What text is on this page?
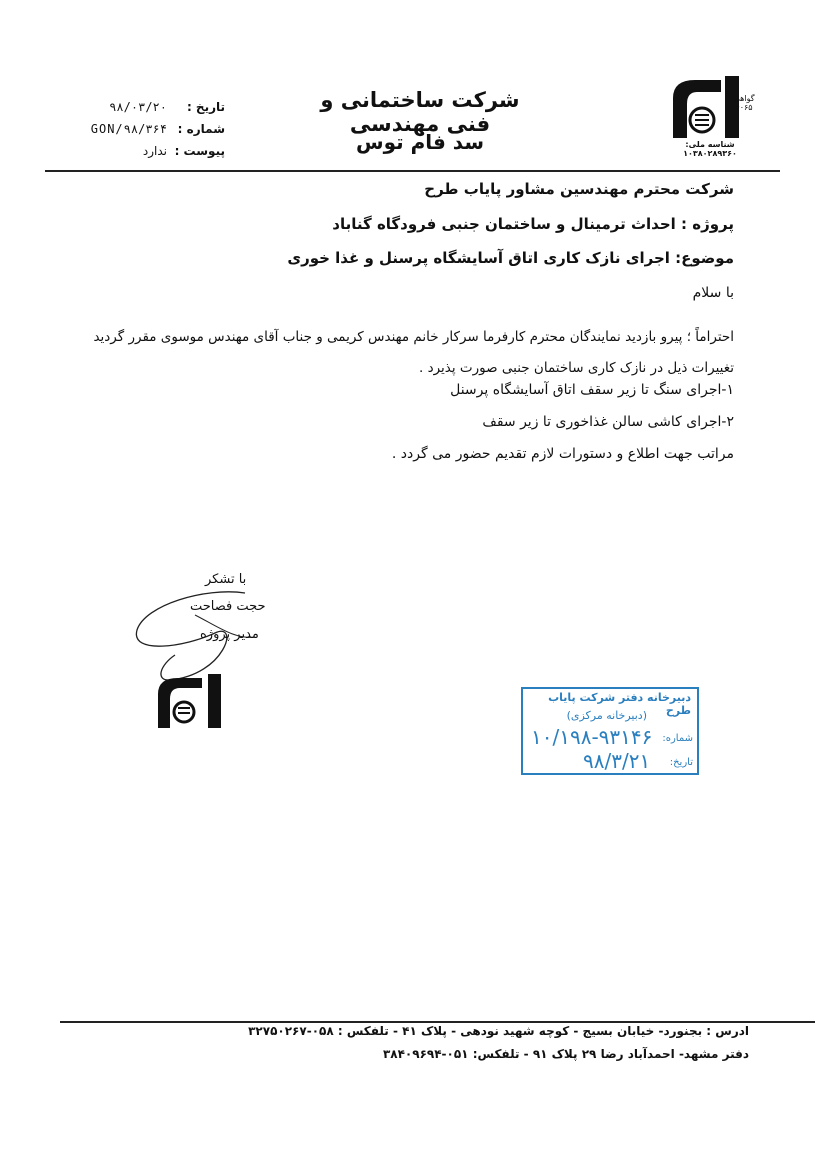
شناسه ملی: ۱۰۳۸۰۲۸۹۳۶۰
گواهی ۴۰۶۵
شرکت ساختمانی و فنی مهندسی
سد فام توس
تاریخ :
۹۸/۰۳/۲۰
شماره :
GON/۹۸/۳۶۴
پیوست :
ندارد
شرکت محترم مهندسین مشاور پایاب طرح
پروژه : احداث ترمینال و ساختمان جنبی فرودگاه گناباد
موضوع: اجرای نازک کاری اتاق آسایشگاه پرسنل و غذا خوری
با سلام
احتراماً ؛ پیرو بازدید نمایندگان محترم کارفرما سرکار خانم مهندس کریمی و جناب آقای مهندس موسوی مقرر گردید تغییرات ذیل در نازک کاری ساختمان جنبی صورت پذیرد .
۱-اجرای سنگ تا زیر سقف اتاق آسایشگاه پرسنل
۲-اجرای کاشی سالن غذاخوری تا زیر سقف
مراتب جهت اطلاع و دستورات لازم تقدیم حضور می گردد .
با تشکر
حجت فصاحت
مدیر پروژه
دبیرخانه دفتر شرکت پایاب طرح
(دبیرخانه مرکزی)
شماره:
۱۰/۱۹۸-۹۳۱۴۶
تاریخ:
۹۸/۳/۲۱
ادرس : بجنورد- خیابان بسیج - کوچه شهید نودهی - پلاک ۴۱ - تلفکس : ۰۵۸-۳۲۷۵۰۲۶۷
دفتر مشهد- احمدآباد رضا ۲۹ پلاک ۹۱ - تلفکس: ۰۵۱-۳۸۴۰۹۶۹۴
